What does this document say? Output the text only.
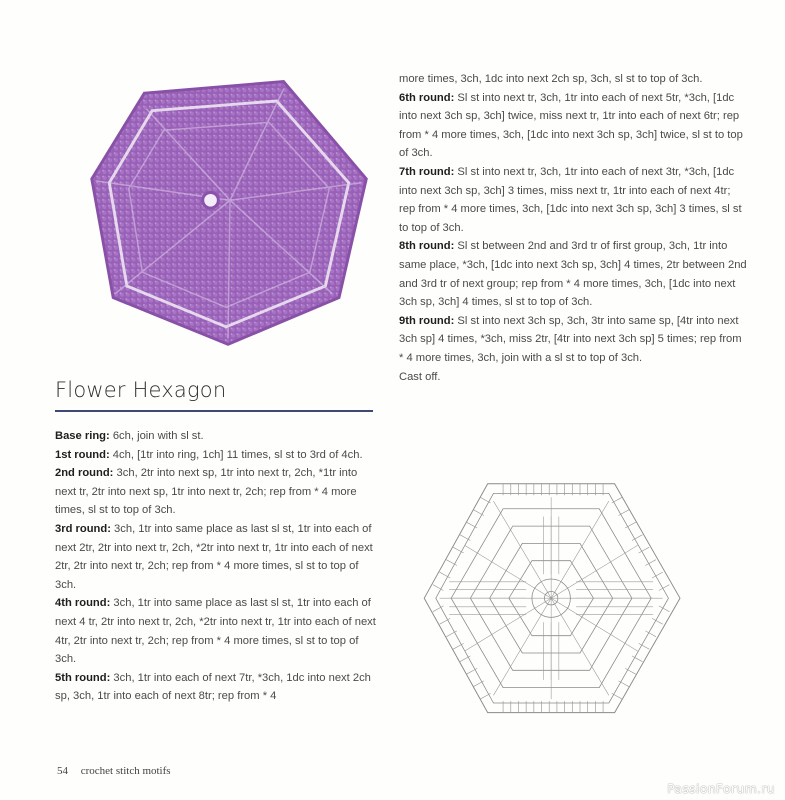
Flower Hexagon

Base ring: 6ch, join with sl st.

1st round: 4ch, [1tr into ring, 1ch] 11 times, sl st to 3rd of 4ch.

2nd round: 3ch, 2tr into next sp, 1tr into next tr, 2ch, *1tr into next tr, 2tr into next sp, 1tr into next tr, 2ch; rep from * 4 more times, sl st to top of 3ch.

3rd round: 3ch, 1tr into same place as last sl st, 1tr into each of next 2tr, 2tr into next tr, 2ch, *2tr into next tr, 1tr into each of next 2tr, 2tr into next tr, 2ch; rep from * 4 more times, sl st to top of 3ch.

4th round: 3ch, 1tr into same place as last sl st, 1tr into each of next 4 tr, 2tr into next tr, 2ch, *2tr into next tr, 1tr into each of next 4tr, 2tr into next tr, 2ch; rep from * 4 more times, sl st to top of 3ch.

5th round: 3ch, 1tr into each of next 7tr, *3ch, 1dc into next 2ch sp, 3ch, 1tr into each of next 8tr; rep from * 4

more times, 3ch, 1dc into next 2ch sp, 3ch, sl st to top of 3ch.

6th round: Sl st into next tr, 3ch, 1tr into each of next 5tr, *3ch, [1dc into next 3ch sp, 3ch] twice, miss next tr, 1tr into each of next 6tr; rep from * 4 more times, 3ch, [1dc into next 3ch sp, 3ch] twice, sl st to top of 3ch.

7th round: Sl st into next tr, 3ch, 1tr into each of next 3tr, *3ch, [1dc into next 3ch sp, 3ch] 3 times, miss next tr, 1tr into each of next 4tr; rep from * 4 more times, 3ch, [1dc into next 3ch sp, 3ch] 3 times, sl st to top of 3ch.

8th round: Sl st between 2nd and 3rd tr of first group, 3ch, 1tr into same place, *3ch, [1dc into next 3ch sp, 3ch] 4 times, 2tr between 2nd and 3rd tr of next group; rep from * 4 more times, 3ch, [1dc into next 3ch sp, 3ch] 4 times, sl st to top of 3ch.

9th round: Sl st into next 3ch sp, 3ch, 3tr into same sp, [4tr into next 3ch sp] 4 times, *3ch, miss 2tr, [4tr into next 3ch sp] 5 times; rep from * 4 more times, 3ch, join with a sl st to top of 3ch.

Cast off.

54 crochet stitch motifs
PassionForum.ru
